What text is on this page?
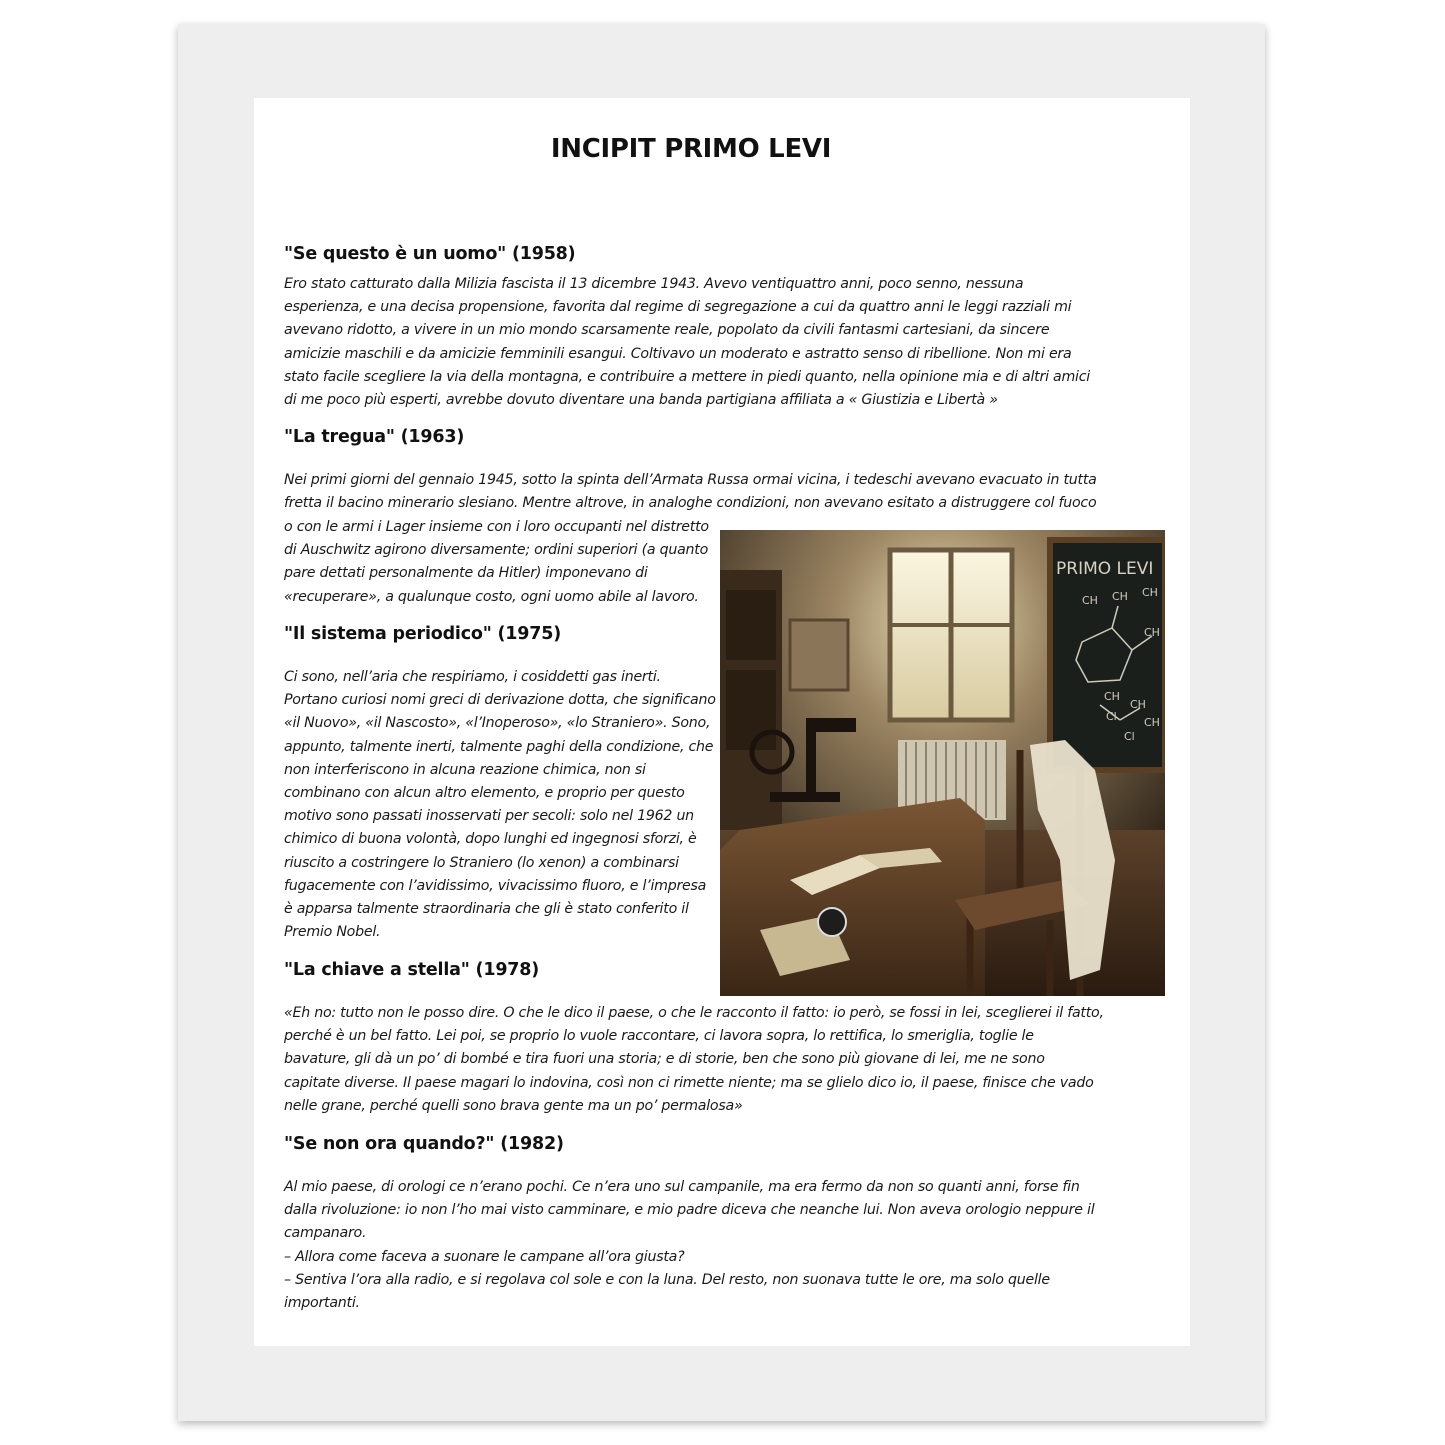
INCIPIT PRIMO LEVI
"Se questo è un uomo" (1958)

Ero stato catturato dalla Milizia fascista il 13 dicembre 1943. Avevo ventiquattro anni, poco senno, nessuna esperienza, e una decisa propensione, favorita dal regime di segregazione a cui da quattro anni le leggi razziali mi avevano ridotto, a vivere in un mio mondo scarsamente reale, popolato da civili fantasmi cartesiani, da sincere amicizie maschili e da amicizie femminili esangui. Coltivavo un moderato e astratto senso di ribellione. Non mi era stato facile scegliere la via della montagna, e contribuire a mettere in piedi quanto, nella opinione mia e di altri amici di me poco più esperti, avrebbe dovuto diventare una banda partigiana affiliata a « Giustizia e Libertà »

"La tregua" (1963)

Nei primi giorni del gennaio 1945, sotto la spinta dell’Armata Russa ormai vicina, i tedeschi avevano evacuato in tutta fretta il bacino minerario slesiano. Mentre altrove, in analoghe condizioni, non avevano esitato a distruggere col fuoco

o con le armi i Lager insieme con i loro occupanti nel distretto di Auschwitz agirono diversamente; ordini superiori (a quanto pare dettati personalmente da Hitler) imponevano di «recuperare», a qualunque costo, ogni uomo abile al lavoro.

"Il sistema periodico" (1975)

Ci sono, nell’aria che respiriamo, i cosiddetti gas inerti. Portano curiosi nomi greci di derivazione dotta, che significano «il Nuovo», «il Nascosto», «l’Inoperoso», «lo Straniero». Sono, appunto, talmente inerti, talmente paghi della condizione, che non interferiscono in alcuna reazione chimica, non si combinano con alcun altro elemento, e proprio per questo motivo sono passati inosservati per secoli: solo nel 1962 un chimico di buona volontà, dopo lunghi ed ingegnosi sforzi, è riuscito a costringere lo Straniero (lo xenon) a combinarsi fugacemente con l’avidissimo, vivacissimo fluoro, e l’impresa è apparsa talmente straordinaria che gli è stato conferito il Premio Nobel.

"La chiave a stella" (1978)

«Eh no: tutto non le posso dire. O che le dico il paese, o che le racconto il fatto: io però, se fossi in lei, sceglierei il fatto, perché è un bel fatto. Lei poi, se proprio lo vuole raccontare, ci lavora sopra, lo rettifica, lo smeriglia, toglie le bavature, gli dà un po’ di bombé e tira fuori una storia; e di storie, ben che sono più giovane di lei, me ne sono capitate diverse. Il paese magari lo indovina, così non ci rimette niente; ma se glielo dico io, il paese, finisce che vado nelle grane, perché quelli sono brava gente ma un po’ permalosa»

"Se non ora quando?" (1982)
Al mio paese, di orologi ce n’erano pochi. Ce n’era uno sul campanile, ma era fermo da non so quanti anni, forse fin dalla rivoluzione: io non l’ho mai visto camminare, e mio padre diceva che neanche lui. Non aveva orologio neppure il campanaro.
– Allora come faceva a suonare le campane all’ora giusta?
– Sentiva l’ora alla radio, e si regolava col sole e con la luna. Del resto, non suonava tutte le ore, ma solo quelle importanti.
PRIMO LEVI
CH CH CH
CH
CH
CH
Cl CH
Cl
